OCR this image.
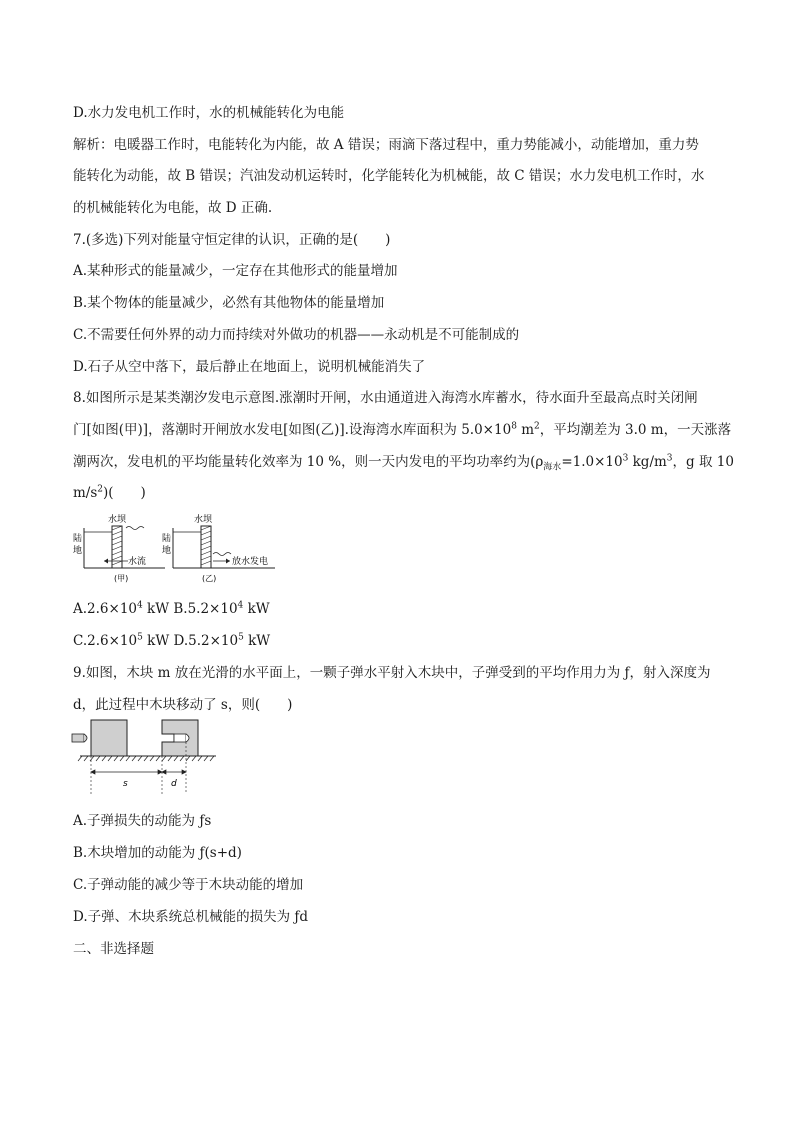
D.水力发电机工作时，水的机械能转化为电能
解析：电暖器工作时，电能转化为内能，故 A 错误；雨滴下落过程中，重力势能减小，动能增加，重力势
能转化为动能，故 B 错误；汽油发动机运转时，化学能转化为机械能，故 C 错误；水力发电机工作时，水
的机械能转化为电能，故 D 正确.
7.(多选)下列对能量守恒定律的认识，正确的是(　　)
A.某种形式的能量减少，一定存在其他形式的能量增加
B.某个物体的能量减少，必然有其他物体的能量增加
C.不需要任何外界的动力而持续对外做功的机器——永动机是不可能制成的
D.石子从空中落下，最后静止在地面上，说明机械能消失了
8.如图所示是某类潮汐发电示意图.涨潮时开闸，水由通道进入海湾水库蓄水，待水面升至最高点时关闭闸
门[如图(甲)]，落潮时开闸放水发电[如图(乙)].设海湾水库面积为 $5.0\times 10^8$ $m^2$，平均潮差为 3.0 m，一天涨落
潮两次，发电机的平均能量转化效率为 10 %，则一天内发电的平均功率约为($\rho_{海水}=1.0\times 10^3$ $kg/m^3$，g 取 10
$m/s^2$)(　　)
水坝
陆
地
水流
(甲)
水坝
陆
地
放水发电
(乙)
$A.2.6\times 10^4$ kW $B.5.2\times 10^4$ kW
$C.2.6\times 10^5$ kW $D.5.2\times 10^5$ kW
9.如图，木块 m 放在光滑的水平面上，一颗子弹水平射入木块中，子弹受到的平均作用力为 ƒ，射入深度为
d，此过程中木块移动了 s，则(　　)
s	d
A.子弹损失的动能为 ƒs
B.木块增加的动能为 ƒ(s+d)
C.子弹动能的减少等于木块动能的增加
D.子弹、木块系统总机械能的损失为 ƒd
二、非选择题
